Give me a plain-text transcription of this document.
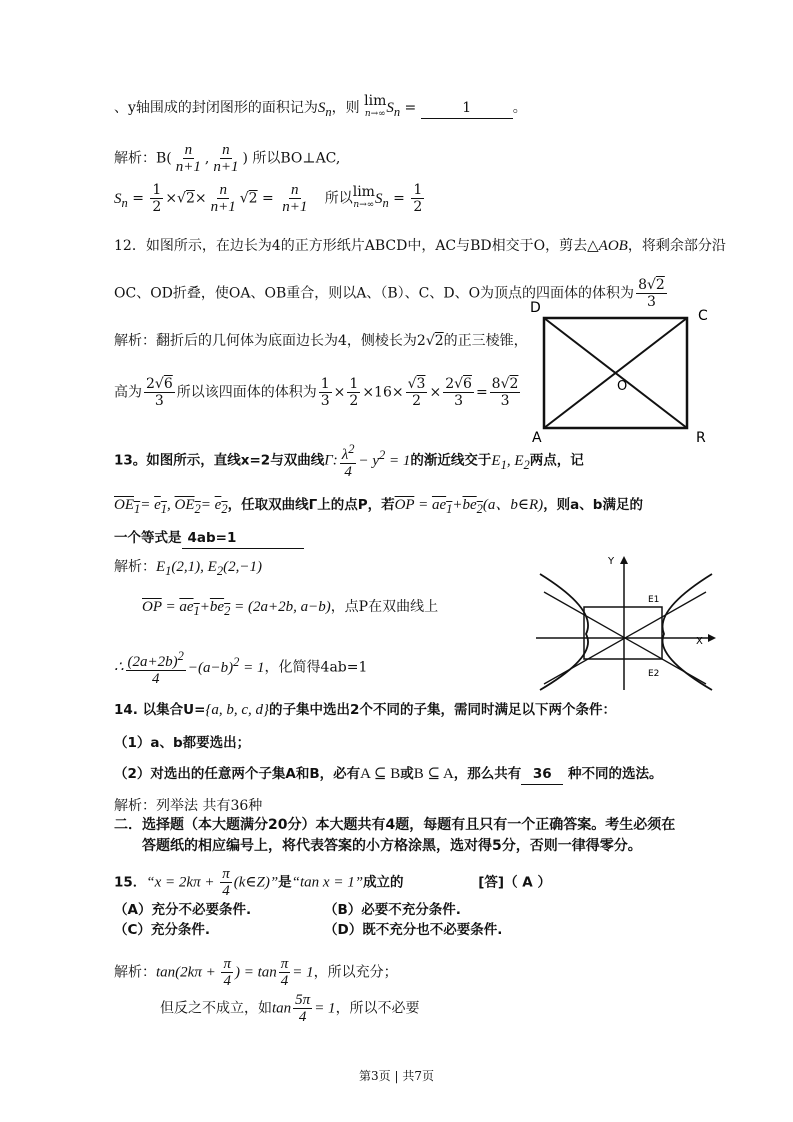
、y轴围成的封闭图形的面积记为$S_n$，则 lim
n→∞ $S_n$ =	1	。
解析：$B( \frac{n}{n+1}$ , $\frac{n}{n+1}$ ) 所以BO⊥AC,
$S_n = \frac{1}{2} \times√2\times \frac{n}{n+1} √2 = \frac{n}{n+1}$ 所以 lim
n→∞ $S_n = \frac{1}{2}$
12．如图所示，在边长为4的正方形纸片ABCD中，AC与BD相交于O，剪去△AOB，将剩余部分沿
OC、OD折叠，使OA、OB重合，则以A、（B）、C、D、O为顶点的四面体的体积为 $\frac{8√2}{3}$
解析：翻折后的几何体为底面边长为4，侧棱长为2√2的正三棱锥，
高为 $\frac{2√6}{3}$ 所以该四面体的体积为 $\frac{1}{3} \times \frac{1}{2} \times 16\times \frac{√3}{2} \times \frac{2√6}{3} = \frac{8√2}{3}$
D	C
O
A	R
13。如图所示，直线x=2与双曲线Γ: $\frac{\lambda^2}{4} - y^2 = 1$的渐近线交于$E_1$, $E_2$两点，记
$OE_1= e_1$, $OE_2= e_2$，任取双曲线Γ上的点P，若$\overline{OP} = ae_1+be_2(a$、b∈R)，则a、b满足的
一个等式是 4ab=1
解析：$E_1(2,1)$, $E_2(2,-1)$
$\overline{OP} = ae_1+be_2 = (2a+2b$, a−b)，点P在双曲线上
∴ $\frac{(2a+2b)^2}{4} -(a-b)^2 = 1$，化简得4ab=1
Y
X
E1
E2
14. 以集合U={a, b, c, d}的子集中选出2个不同的子集，需同时满足以下两个条件：
（1）a、b都要选出；
（2）对选出的任意两个子集A和B，必有A ⊆ B或B ⊆ A，那么共有 36 种不同的选法。
解析：列举法 共有36种
二．选择题（本大题满分20分）本大题共有4题，每题有且只有一个正确答案。考生必须在
答题纸的相应编号上，将代表答案的小方格涂黑，选对得5分，否则一律得零分。
15．“$x = 2k\pi + \frac{\pi}{4}$ (k∈Z)”是“tan x = 1”成立的	[答]（ A ）
（A）充分不必要条件.	（B）必要不充分条件.
（C）充分条件.	（D）既不充分也不必要条件.
解析：$\tan(2k\pi + \frac{\pi}{4}$ ) = $\tan \frac{\pi}{4} = 1$，所以充分；
但反之不成立，如$\tan \frac{5\pi}{4} = 1$，所以不必要
第3页 | 共7页
